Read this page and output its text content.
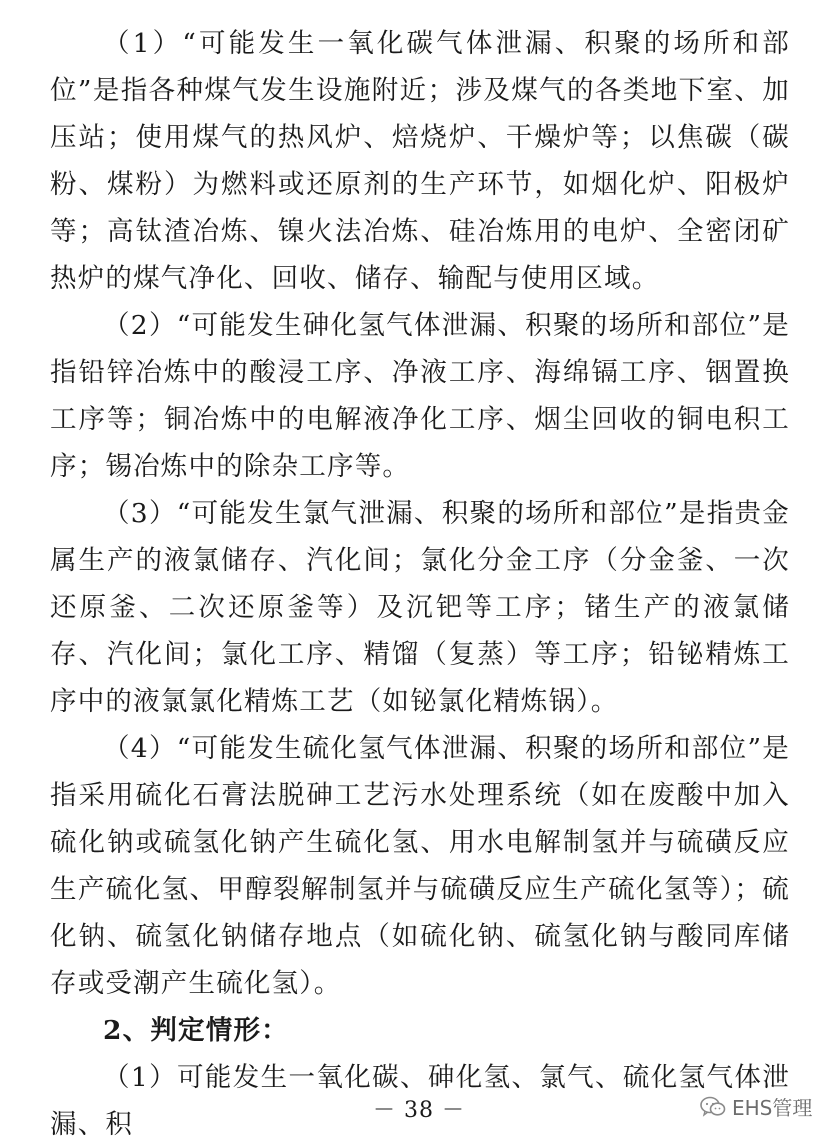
（1）“可能发生一氧化碳气体泄漏、积聚的场所和部位”是指各种煤气发生设施附近；涉及煤气的各类地下室、加压站；使用煤气的热风炉、焙烧炉、干燥炉等；以焦碳（碳粉、煤粉）为燃料或还原剂的生产环节，如烟化炉、阳极炉等；高钛渣冶炼、镍火法冶炼、硅冶炼用的电炉、全密闭矿热炉的煤气净化、回收、储存、输配与使用区域。

（2）“可能发生砷化氢气体泄漏、积聚的场所和部位”是指铅锌冶炼中的酸浸工序、净液工序、海绵镉工序、铟置换工序等；铜冶炼中的电解液净化工序、烟尘回收的铜电积工序；锡冶炼中的除杂工序等。

（3）“可能发生氯气泄漏、积聚的场所和部位”是指贵金属生产的液氯储存、汽化间；氯化分金工序（分金釜、一次还原釜、二次还原釜等）及沉钯等工序；锗生产的液氯储存、汽化间；氯化工序、精馏（复蒸）等工序；铅铋精炼工序中的液氯氯化精炼工艺（如铋氯化精炼锅）。

（4）“可能发生硫化氢气体泄漏、积聚的场所和部位”是指采用硫化石膏法脱砷工艺污水处理系统（如在废酸中加入硫化钠或硫氢化钠产生硫化氢、用水电解制氢并与硫磺反应生产硫化氢、甲醇裂解制氢并与硫磺反应生产硫化氢等）；硫化钠、硫氢化钠储存地点（如硫化钠、硫氢化钠与酸同库储存或受潮产生硫化氢）。

2、判定情形：

（1）可能发生一氧化碳、砷化氢、氯气、硫化氢气体泄漏、积	－ 38 －	EHS管理
